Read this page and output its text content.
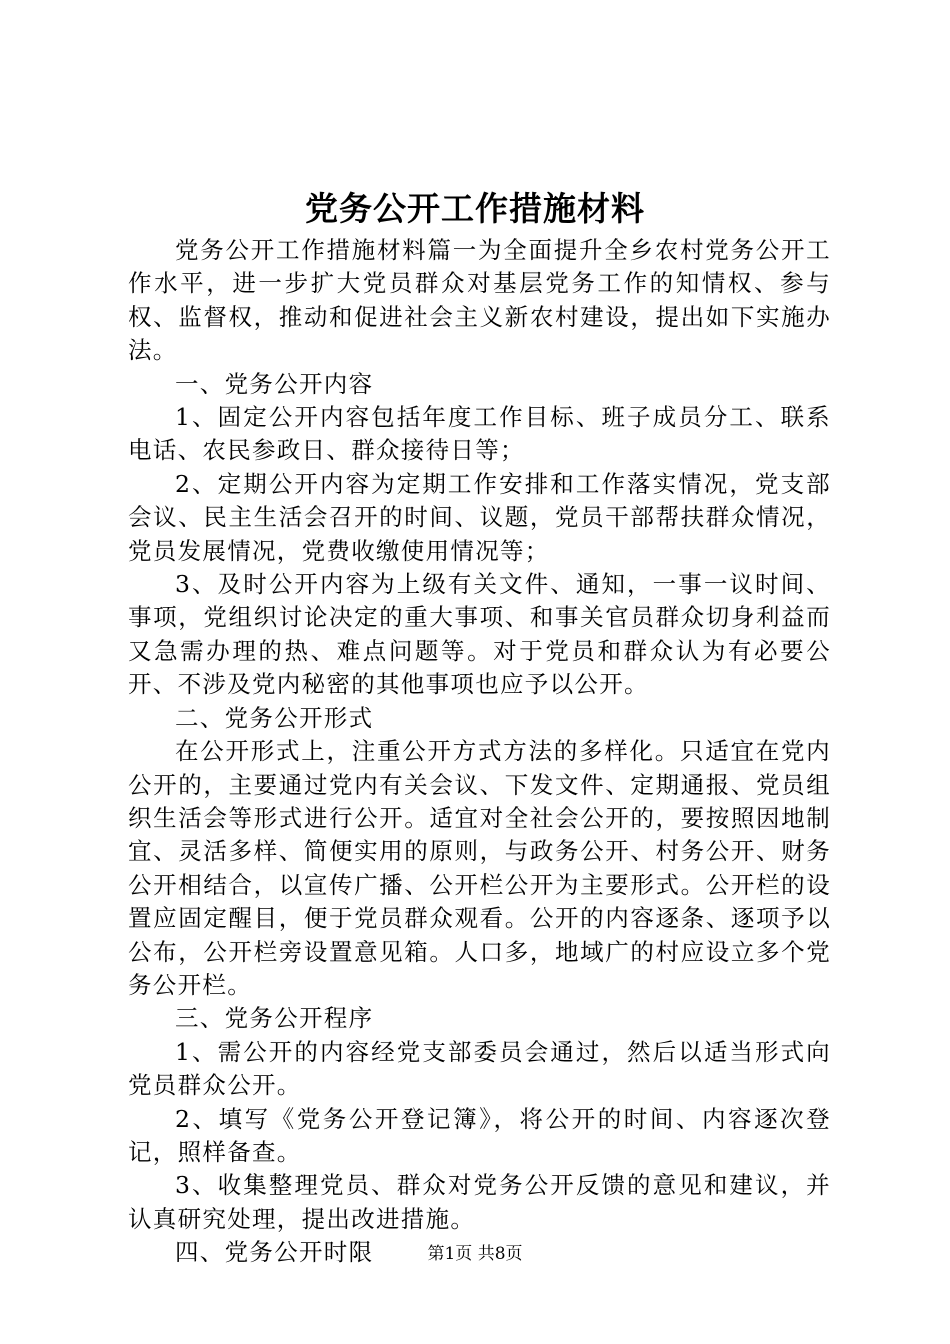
党务公开工作措施材料

党务公开工作措施材料篇一为全面提升全乡农村党务公开工作水平，进一步扩大党员群众对基层党务工作的知情权、参与权、监督权，推动和促进社会主义新农村建设，提出如下实施办法。

一、党务公开内容

1、固定公开内容包括年度工作目标、班子成员分工、联系电话、农民参政日、群众接待日等；

2、定期公开内容为定期工作安排和工作落实情况，党支部会议、民主生活会召开的时间、议题，党员干部帮扶群众情况，党员发展情况，党费收缴使用情况等；

3、及时公开内容为上级有关文件、通知，一事一议时间、事项，党组织讨论决定的重大事项、和事关官员群众切身利益而又急需办理的热、难点问题等。对于党员和群众认为有必要公开、不涉及党内秘密的其他事项也应予以公开。

二、党务公开形式

在公开形式上，注重公开方式方法的多样化。只适宜在党内公开的，主要通过党内有关会议、下发文件、定期通报、党员组织生活会等形式进行公开。适宜对全社会公开的，要按照因地制宜、灵活多样、简便实用的原则，与政务公开、村务公开、财务公开相结合，以宣传广播、公开栏公开为主要形式。公开栏的设置应固定醒目，便于党员群众观看。公开的内容逐条、逐项予以公布，公开栏旁设置意见箱。人口多，地域广的村应设立多个党务公开栏。

三、党务公开程序

1、需公开的内容经党支部委员会通过，然后以适当形式向党员群众公开。

2、填写《党务公开登记簿》，将公开的时间、内容逐次登记，照样备查。

3、收集整理党员、群众对党务公开反馈的意见和建议，并认真研究处理，提出改进措施。

四、党务公开时限	第1页 共8页
